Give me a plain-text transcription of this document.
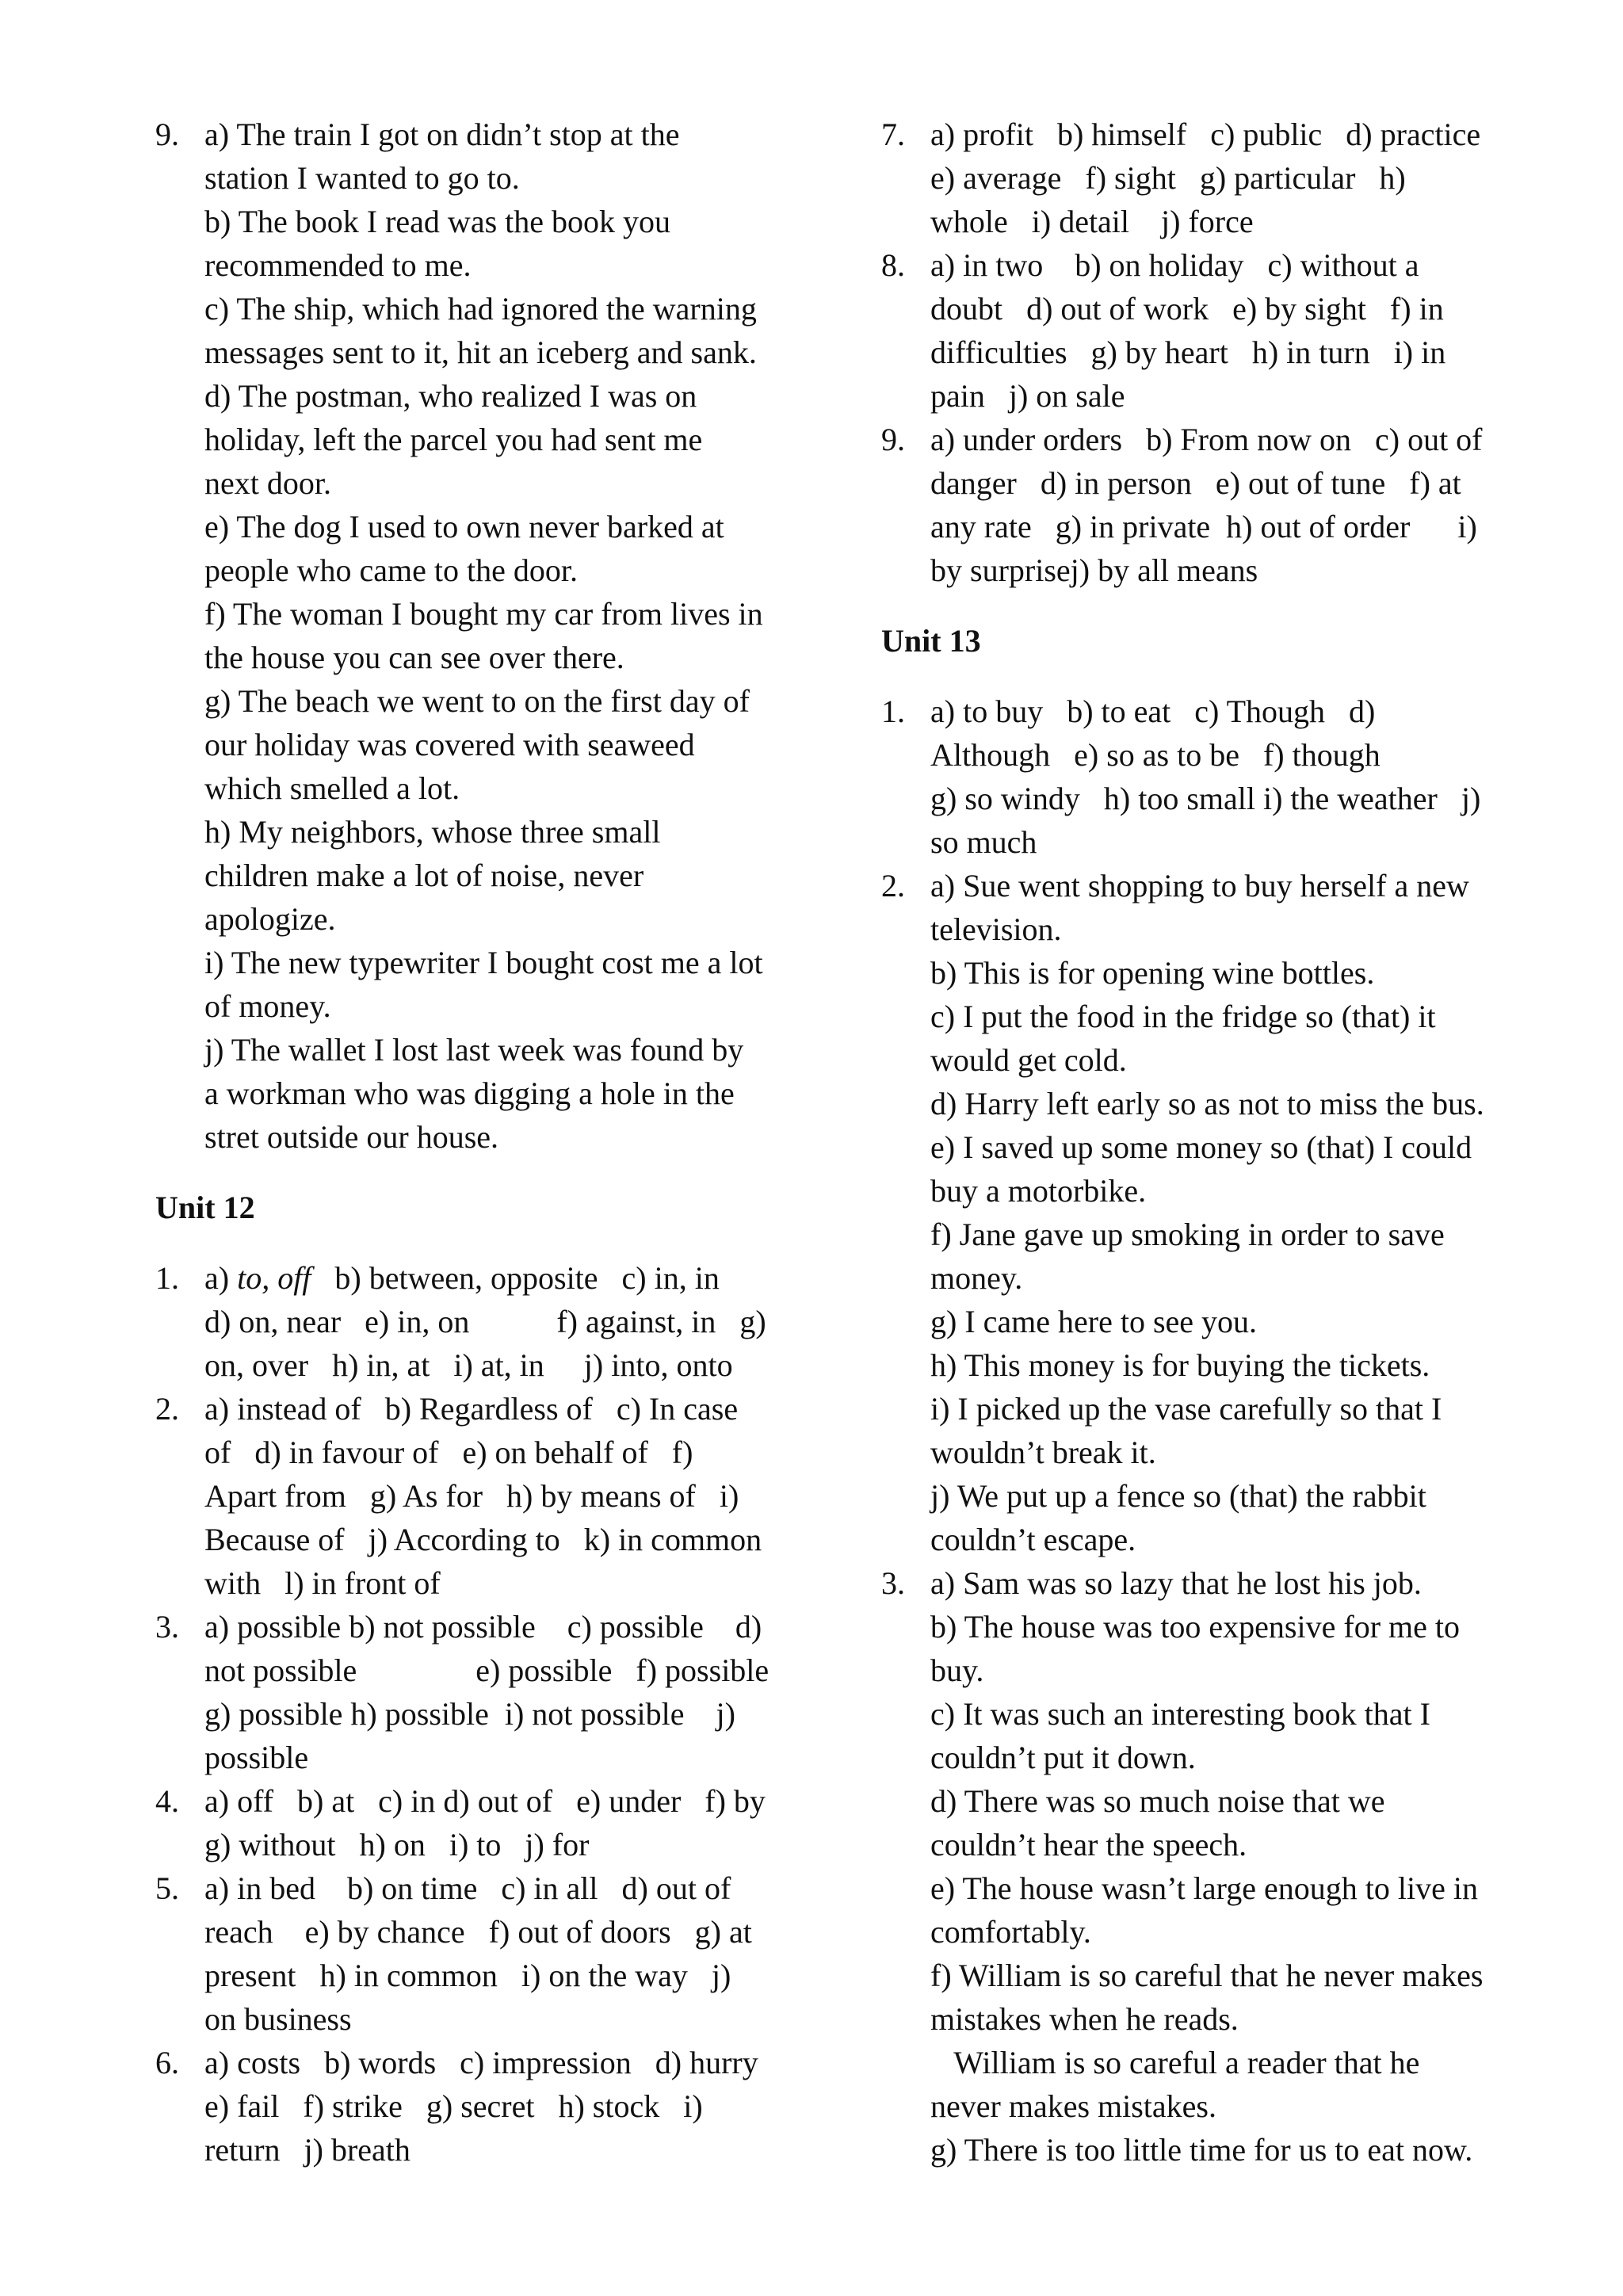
9. a) The train I got on didn’t stop at the
station I wanted to go to.
b) The book I read was the book you
recommended to me.
c) The ship, which had ignored the warning
messages sent to it, hit an iceberg and sank.
d) The postman, who realized I was on
holiday, left the parcel you had sent me
next door.
e) The dog I used to own never barked at
people who came to the door.
f) The woman I bought my car from lives in
the house you can see over there.
g) The beach we went to on the first day of
our holiday was covered with seaweed
which smelled a lot.
h) My neighbors, whose three small
children make a lot of noise, never
apologize.
i) The new typewriter I bought cost me a lot
of money.
j) The wallet I lost last week was found by
a workman who was digging a hole in the
stret outside our house.
Unit 12
1. a) to, off   b) between, opposite   c) in, in
d) on, near   e) in, on           f) against, in   g)
on, over   h) in, at   i) at, in     j) into, onto
2. a) instead of   b) Regardless of   c) In case
of   d) in favour of   e) on behalf of   f)
Apart from   g) As for   h) by means of   i)
Because of   j) According to   k) in common
with   l) in front of
3. a) possible b) not possible    c) possible    d)
not possible               e) possible   f) possible
g) possible h) possible  i) not possible    j)
possible
4. a) off   b) at   c) in d) out of   e) under   f) by
g) without   h) on   i) to   j) for
5. a) in bed    b) on time   c) in all   d) out of
reach    e) by chance   f) out of doors   g) at
present   h) in common   i) on the way   j)
on business
6. a) costs   b) words   c) impression   d) hurry
e) fail   f) strike   g) secret   h) stock   i)
return   j) breath
7. a) profit   b) himself   c) public   d) practice
e) average   f) sight   g) particular   h)
whole   i) detail    j) force
8. a) in two    b) on holiday   c) without a
doubt   d) out of work   e) by sight   f) in
difficulties   g) by heart   h) in turn   i) in
pain   j) on sale
9. a) under orders   b) From now on   c) out of
danger   d) in person   e) out of tune   f) at
any rate   g) in private  h) out of order      i)
by surprisej) by all means
Unit 13
1. a) to buy   b) to eat   c) Though   d)
Although   e) so as to be   f) though
g) so windy   h) too small i) the weather   j)
so much
2. a) Sue went shopping to buy herself a new
television.
b) This is for opening wine bottles.
c) I put the food in the fridge so (that) it
would get cold.
d) Harry left early so as not to miss the bus.
e) I saved up some money so (that) I could
buy a motorbike.
f) Jane gave up smoking in order to save
money.
g) I came here to see you.
h) This money is for buying the tickets.
i) I picked up the vase carefully so that I
wouldn’t break it.
j) We put up a fence so (that) the rabbit
couldn’t escape.
3. a) Sam was so lazy that he lost his job.
b) The house was too expensive for me to
buy.
c) It was such an interesting book that I
couldn’t put it down.
d) There was so much noise that we
couldn’t hear the speech.
e) The house wasn’t large enough to live in
comfortably.
f) William is so careful that he never makes
mistakes when he reads.
William is so careful a reader that he
never makes mistakes.
g) There is too little time for us to eat now.
